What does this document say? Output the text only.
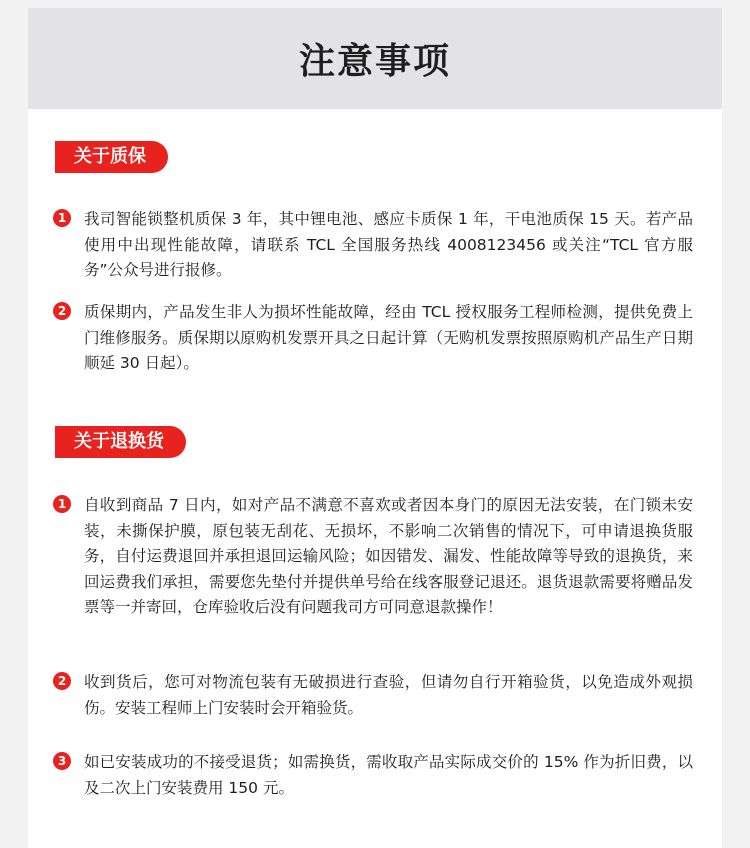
注意事项
关于质保
1	我司智能锁整机质保 3 年，其中锂电池、感应卡质保 1 年，干电池质保 15 天。若产品使用中出现性能故障，请联系 TCL 全国服务热线 4008123456 或关注“TCL 官方服务”公众号进行报修。
2	质保期内，产品发生非人为损坏性能故障，经由 TCL 授权服务工程师检测，提供免费上门维修服务。质保期以原购机发票开具之日起计算（无购机发票按照原购机产品生产日期顺延 30 日起）。
关于退换货
1	自收到商品 7 日内，如对产品不满意不喜欢或者因本身门的原因无法安装，在门锁未安装，未撕保护膜，原包装无刮花、无损坏，不影响二次销售的情况下，可申请退换货服务，自付运费退回并承担退回运输风险；如因错发、漏发、性能故障等导致的退换货，来回运费我们承担，需要您先垫付并提供单号给在线客服登记退还。退货退款需要将赠品发票等一并寄回，仓库验收后没有问题我司方可同意退款操作！
2	收到货后，您可对物流包装有无破损进行查验，但请勿自行开箱验货，以免造成外观损伤。安装工程师上门安装时会开箱验货。
3	如已安装成功的不接受退货；如需换货，需收取产品实际成交价的 15% 作为折旧费，以及二次上门安装费用 150 元。
